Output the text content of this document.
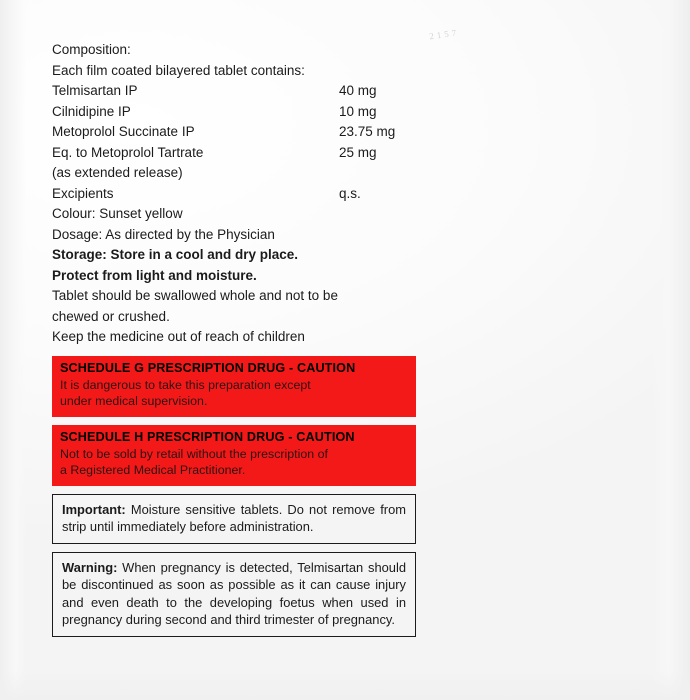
2 1 5 7
Composition:
Each film coated bilayered tablet contains:
Telmisartan IP	40 mg
Cilnidipine IP	10 mg
Metoprolol Succinate IP	23.75 mg
Eq. to Metoprolol Tartrate	25 mg
(as extended release)
Excipients	q.s.
Colour: Sunset yellow
Dosage: As directed by the Physician
Storage: Store in a cool and dry place.
Protect from light and moisture.
Tablet should be swallowed whole and not to be
chewed or crushed.
Keep the medicine out of reach of children
SCHEDULE G PRESCRIPTION DRUG - CAUTION
It is dangerous to take this preparation except
under medical supervision.
SCHEDULE H PRESCRIPTION DRUG - CAUTION
Not to be sold by retail without the prescription of
a Registered Medical Practitioner.
Important: Moisture sensitive tablets. Do not remove from strip until immediately before administration.
Warning: When pregnancy is detected, Telmisartan should be discontinued as soon as possible as it can cause injury and even death to the developing foetus when used in pregnancy during second and third trimester of pregnancy.
